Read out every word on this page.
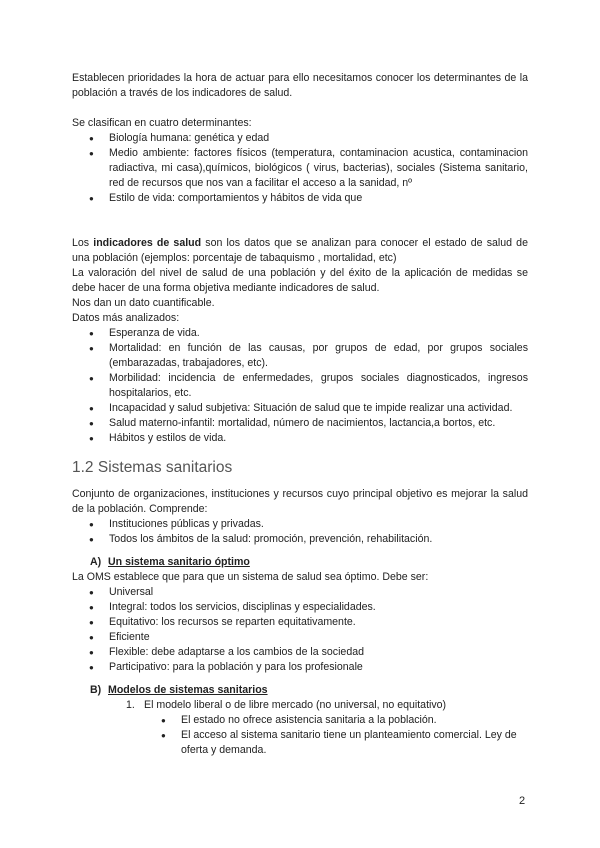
Establecen prioridades la hora de actuar para ello necesitamos conocer los determinantes de la población a través de los indicadores de salud.

Se clasifican en cuatro determinantes:

● Biología humana: genética y edad
● Medio ambiente: factores físicos (temperatura, contaminacion acustica, contaminacion radiactiva, mi casa),químicos, biológicos ( virus, bacterias), sociales (Sistema sanitario, red de recursos que nos van a facilitar el acceso a la sanidad, nº
● Estilo de vida: comportamientos y hábitos de vida que

Los indicadores de salud son los datos que se analizan para conocer el estado de salud de una población (ejemplos: porcentaje de tabaquismo , mortalidad, etc)

La valoración del nivel de salud de una población y del éxito de la aplicación de medidas se debe hacer de una forma objetiva mediante indicadores de salud.

Nos dan un dato cuantificable.

Datos más analizados:

● Esperanza de vida.
● Mortalidad: en función de las causas, por grupos de edad, por grupos sociales (embarazadas, trabajadores, etc).
● Morbilidad: incidencia de enfermedades, grupos sociales diagnosticados, ingresos hospitalarios, etc.
● Incapacidad y salud subjetiva: Situación de salud que te impide realizar una actividad.
● Salud materno-infantil: mortalidad, número de nacimientos, lactancia,a bortos, etc.
● Hábitos y estilos de vida.
1.2 Sistemas sanitarios

Conjunto de organizaciones, instituciones y recursos cuyo principal objetivo es mejorar la salud de la población. Comprende:

● Instituciones públicas y privadas.
● Todos los ámbitos de la salud: promoción, prevención, rehabilitación.

A) Un sistema sanitario óptimo

La OMS establece que para que un sistema de salud sea óptimo. Debe ser:

● Universal
● Integral: todos los servicios, disciplinas y especialidades.
● Equitativo: los recursos se reparten equitativamente.
● Eficiente
● Flexible: debe adaptarse a los cambios de la sociedad
● Participativo: para la población y para los profesionale

B) Modelos de sistemas sanitarios

1. El modelo liberal o de libre mercado (no universal, no equitativo)

● El estado no ofrece asistencia sanitaria a la población.
● El acceso al sistema sanitario tiene un planteamiento comercial. Ley de oferta y demanda.
2
